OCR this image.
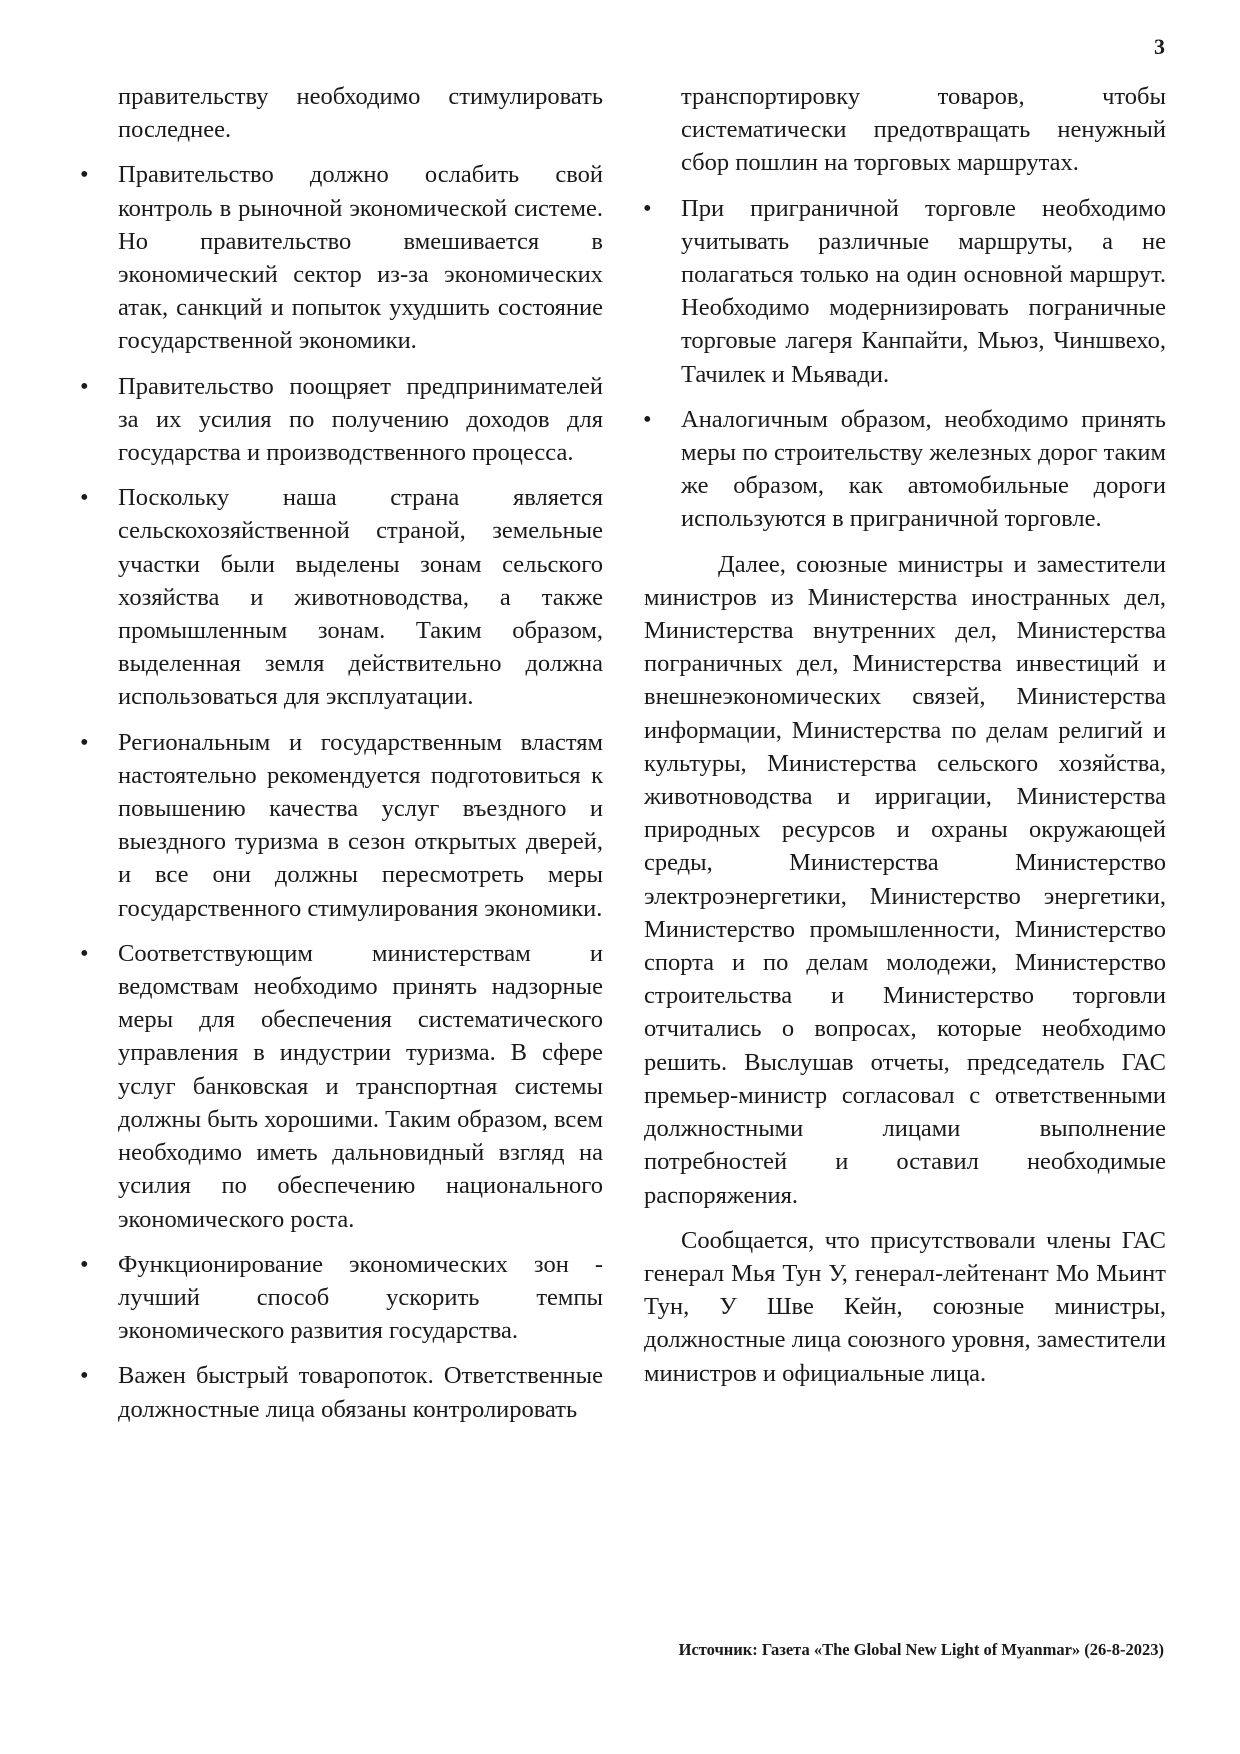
3

правительству необходимо стимулировать последнее.

• Правительство должно ослабить свой контроль в рыночной экономической системе. Но правительство вмешивается в экономический сектор из-за экономических атак, санкций и попыток ухудшить состояние государственной экономики.
• Правительство поощряет предпринимателей за их усилия по получению доходов для государства и производственного процесса.
• Поскольку наша страна является сельскохозяйственной страной, земельные участки были выделены зонам сельского хозяйства и животноводства, а также промышленным зонам. Таким образом, выделенная земля действительно должна использоваться для эксплуатации.
• Региональным и государственным властям настоятельно рекомендуется подготовиться к повышению качества услуг въездного и выездного туризма в сезон открытых дверей, и все они должны пересмотреть меры государственного стимулирования экономики.
• Соответствующим министерствам и ведомствам необходимо принять надзорные меры для обеспечения систематического управления в индустрии туризма. В сфере услуг банковская и транспортная системы должны быть хорошими. Таким образом, всем необходимо иметь дальновидный взгляд на усилия по обеспечению национального экономического роста.
• Функционирование экономических зон - лучший способ ускорить темпы экономического развития государства.
• Важен быстрый товаропоток. Ответственные должностные лица обязаны контролировать

транспортировку товаров, чтобы систематически предотвращать ненужный сбор пошлин на торговых маршрутах.

• При приграничной торговле необходимо учитывать различные маршруты, а не полагаться только на один основной маршрут. Необходимо модернизировать пограничные торговые лагеря Канпайти, Мьюз, Чиншвехо, Тачилек и Мьявади.
• Аналогичным образом, необходимо принять меры по строительству железных дорог таким же образом, как автомобильные дороги используются в приграничной торговле.

Далее, союзные министры и заместители министров из Министерства иностранных дел, Министерства внутренних дел, Министерства пограничных дел, Министерства инвестиций и внешнеэкономических связей, Министерства информации, Министерства по делам религий и культуры, Министерства сельского хозяйства, животноводства и ирригации, Министерства природных ресурсов и охраны окружающей среды, Министерства Министерство электроэнергетики, Министерство энергетики, Министерство промышленности, Министерство спорта и по делам молодежи, Министерство строительства и Министерство торговли отчитались о вопросах, которые необходимо решить. Выслушав отчеты, председатель ГАС премьер-министр согласовал с ответственными должностными лицами выполнение потребностей и оставил необходимые распоряжения.

Сообщается, что присутствовали члены ГАС генерал Мья Тун У, генерал-лейтенант Мо Мьинт Тун, У Шве Кейн, союзные министры, должностные лица союзного уровня, заместители министров и официальные лица.

Источник: Газета «The Global New Light of Myanmar» (26-8-2023)
